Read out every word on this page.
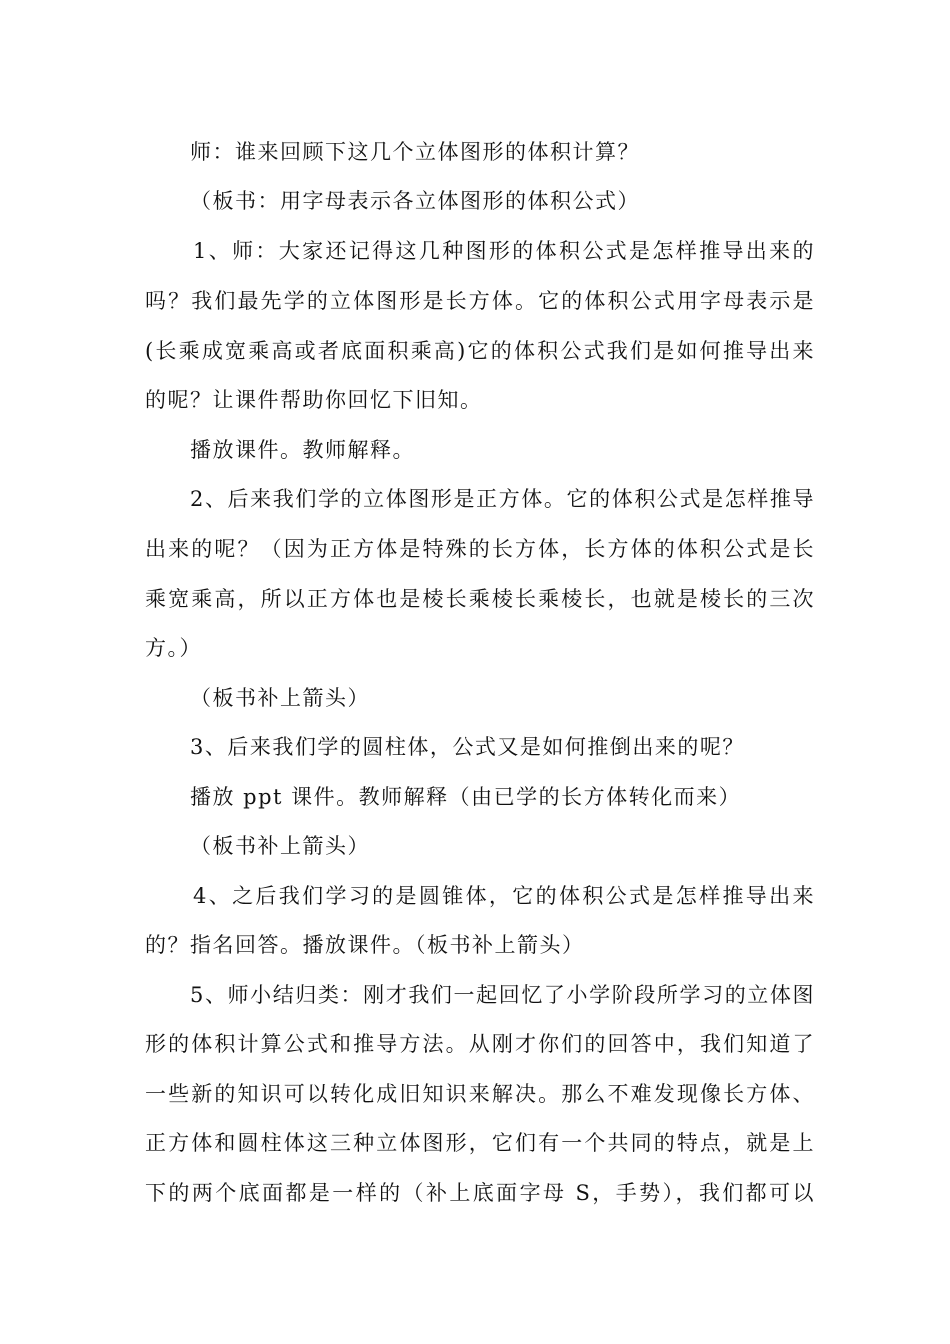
师：谁来回顾下这几个立体图形的体积计算？
（板书：用字母表示各立体图形的体积公式）
1、师：大家还记得这几种图形的体积公式是怎样推导出来的
吗？我们最先学的立体图形是长方体。它的体积公式用字母表示是
(长乘成宽乘高或者底面积乘高)它的体积公式我们是如何推导出来
的呢？让课件帮助你回忆下旧知。
播放课件。教师解释。
2、后来我们学的立体图形是正方体。它的体积公式是怎样推导
出来的呢？（因为正方体是特殊的长方体，长方体的体积公式是长
乘宽乘高，所以正方体也是棱长乘棱长乘棱长，也就是棱长的三次
方。）
（板书补上箭头）
3、后来我们学的圆柱体，公式又是如何推倒出来的呢？
播放 ppt 课件。教师解释（由已学的长方体转化而来）
（板书补上箭头）
4、之后我们学习的是圆锥体，它的体积公式是怎样推导出来
的？指名回答。播放课件。（板书补上箭头）
5、师小结归类：刚才我们一起回忆了小学阶段所学习的立体图
形的体积计算公式和推导方法。从刚才你们的回答中，我们知道了
一些新的知识可以转化成旧知识来解决。那么不难发现像长方体、
正方体和圆柱体这三种立体图形，它们有一个共同的特点，就是上
下的两个底面都是一样的（补上底面字母 S，手势），我们都可以
